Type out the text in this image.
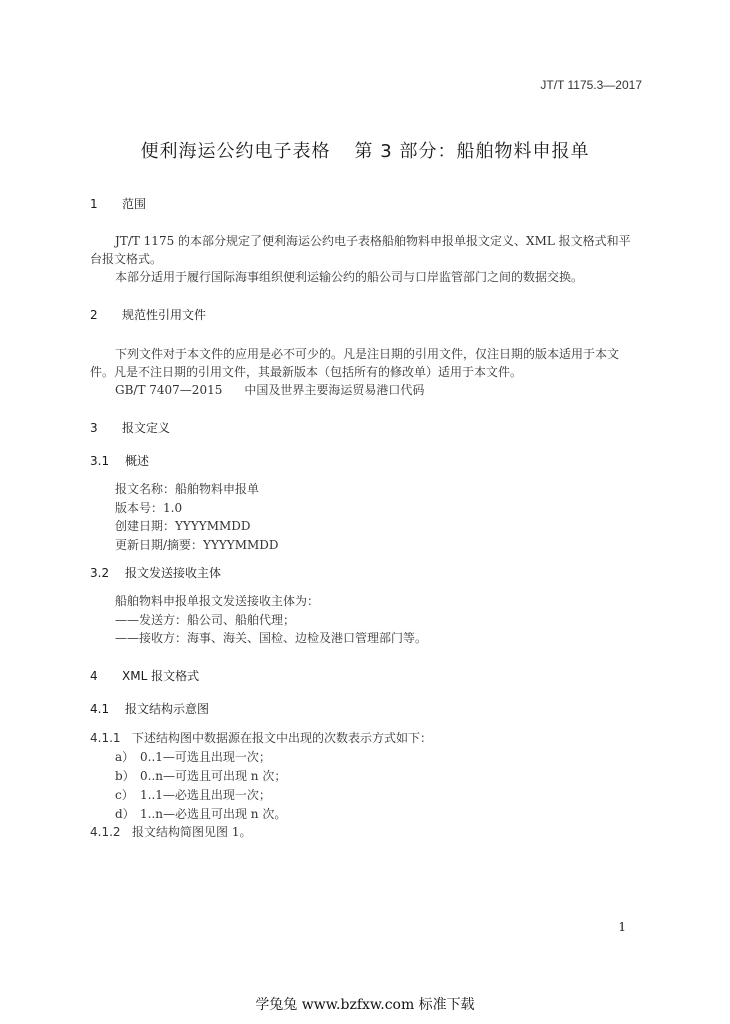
JT/T 1175.3—2017
便利海运公约电子表格 第 3 部分：船舶物料申报单
1 范围
JT/T 1175 的本部分规定了便利海运公约电子表格船舶物料申报单报文定义、XML 报文格式和平
台报文格式。
本部分适用于履行国际海事组织便利运输公约的船公司与口岸监管部门之间的数据交换。
2 规范性引用文件
下列文件对于本文件的应用是必不可少的。凡是注日期的引用文件，仅注日期的版本适用于本文
件。凡是不注日期的引用文件，其最新版本（包括所有的修改单）适用于本文件。
GB/T 7407—2015 中国及世界主要海运贸易港口代码
3 报文定义
3.1 概述
报文名称：船舶物料申报单
版本号：1.0
创建日期：YYYYMMDD
更新日期/摘要：YYYYMMDD
3.2 报文发送接收主体
船舶物料申报单报文发送接收主体为：
——发送方：船公司、船舶代理；
——接收方：海事、海关、国检、边检及港口管理部门等。
4 XML 报文格式
4.1 报文结构示意图
4.1.1 下述结构图中数据源在报文中出现的次数表示方式如下：
a） 0..1—可选且出现一次；
b） 0..n—可选且可出现 n 次；
c） 1..1—必选且出现一次；
d） 1..n—必选且可出现 n 次。
4.1.2 报文结构简图见图 1。
1
学兔兔 www.bzfxw.com 标准下载
